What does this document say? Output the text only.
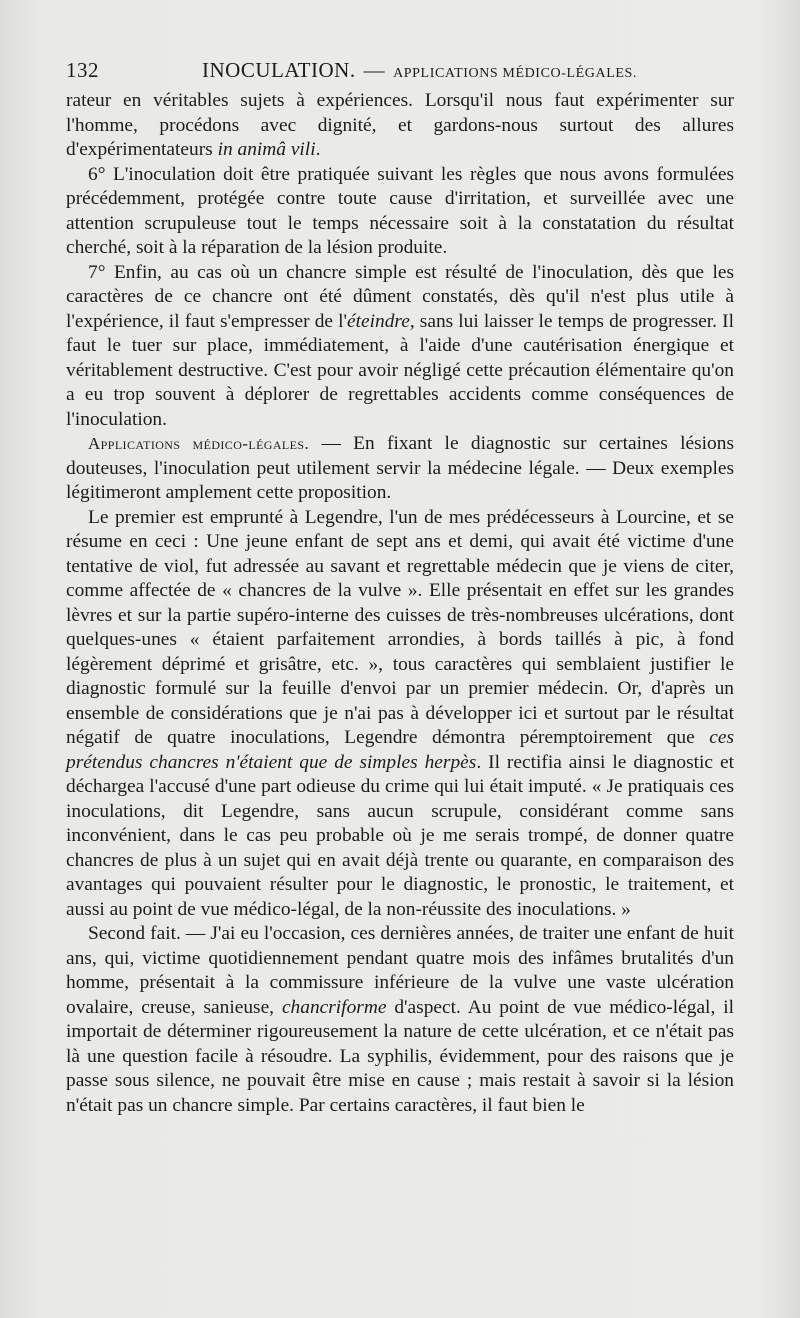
132	INOCULATION. — APPLICATIONS MÉDICO-LÉGALES.

rateur en véritables sujets à expériences. Lorsqu'il nous faut expérimenter sur l'homme, procédons avec dignité, et gardons-nous surtout des allures d'expérimentateurs in animâ vili.

6° L'inoculation doit être pratiquée suivant les règles que nous avons formulées précédemment, protégée contre toute cause d'irritation, et surveillée avec une attention scrupuleuse tout le temps nécessaire soit à la constatation du résultat cherché, soit à la réparation de la lésion produite.

7° Enfin, au cas où un chancre simple est résulté de l'inoculation, dès que les caractères de ce chancre ont été dûment constatés, dès qu'il n'est plus utile à l'expérience, il faut s'empresser de l'éteindre, sans lui laisser le temps de progresser. Il faut le tuer sur place, immédiatement, à l'aide d'une cautérisation énergique et véritablement destructive. C'est pour avoir négligé cette précaution élémentaire qu'on a eu trop souvent à déplorer de regrettables accidents comme conséquences de l'inoculation.

Applications médico-légales. — En fixant le diagnostic sur certaines lésions douteuses, l'inoculation peut utilement servir la médecine légale. — Deux exemples légitimeront amplement cette proposition.

Le premier est emprunté à Legendre, l'un de mes prédécesseurs à Lourcine, et se résume en ceci : Une jeune enfant de sept ans et demi, qui avait été victime d'une tentative de viol, fut adressée au savant et regrettable médecin que je viens de citer, comme affectée de « chancres de la vulve ». Elle présentait en effet sur les grandes lèvres et sur la partie supéro-interne des cuisses de très-nombreuses ulcérations, dont quelques-unes « étaient parfaitement arrondies, à bords taillés à pic, à fond légèrement déprimé et grisâtre, etc. », tous caractères qui semblaient justifier le diagnostic formulé sur la feuille d'envoi par un premier médecin. Or, d'après un ensemble de considérations que je n'ai pas à développer ici et surtout par le résultat négatif de quatre inoculations, Legendre démontra péremptoirement que ces prétendus chancres n'étaient que de simples herpès. Il rectifia ainsi le diagnostic et déchargea l'accusé d'une part odieuse du crime qui lui était imputé. « Je pratiquais ces inoculations, dit Legendre, sans aucun scrupule, considérant comme sans inconvénient, dans le cas peu probable où je me serais trompé, de donner quatre chancres de plus à un sujet qui en avait déjà trente ou quarante, en comparaison des avantages qui pouvaient résulter pour le diagnostic, le pronostic, le traitement, et aussi au point de vue médico-légal, de la non-réussite des inoculations. »

Second fait. — J'ai eu l'occasion, ces dernières années, de traiter une enfant de huit ans, qui, victime quotidiennement pendant quatre mois des infâmes brutalités d'un homme, présentait à la commissure inférieure de la vulve une vaste ulcération ovalaire, creuse, sanieuse, chancriforme d'aspect. Au point de vue médico-légal, il importait de déterminer rigoureusement la nature de cette ulcération, et ce n'était pas là une question facile à résoudre. La syphilis, évidemment, pour des raisons que je passe sous silence, ne pouvait être mise en cause ; mais restait à savoir si la lésion n'était pas un chancre simple. Par certains caractères, il faut bien le
